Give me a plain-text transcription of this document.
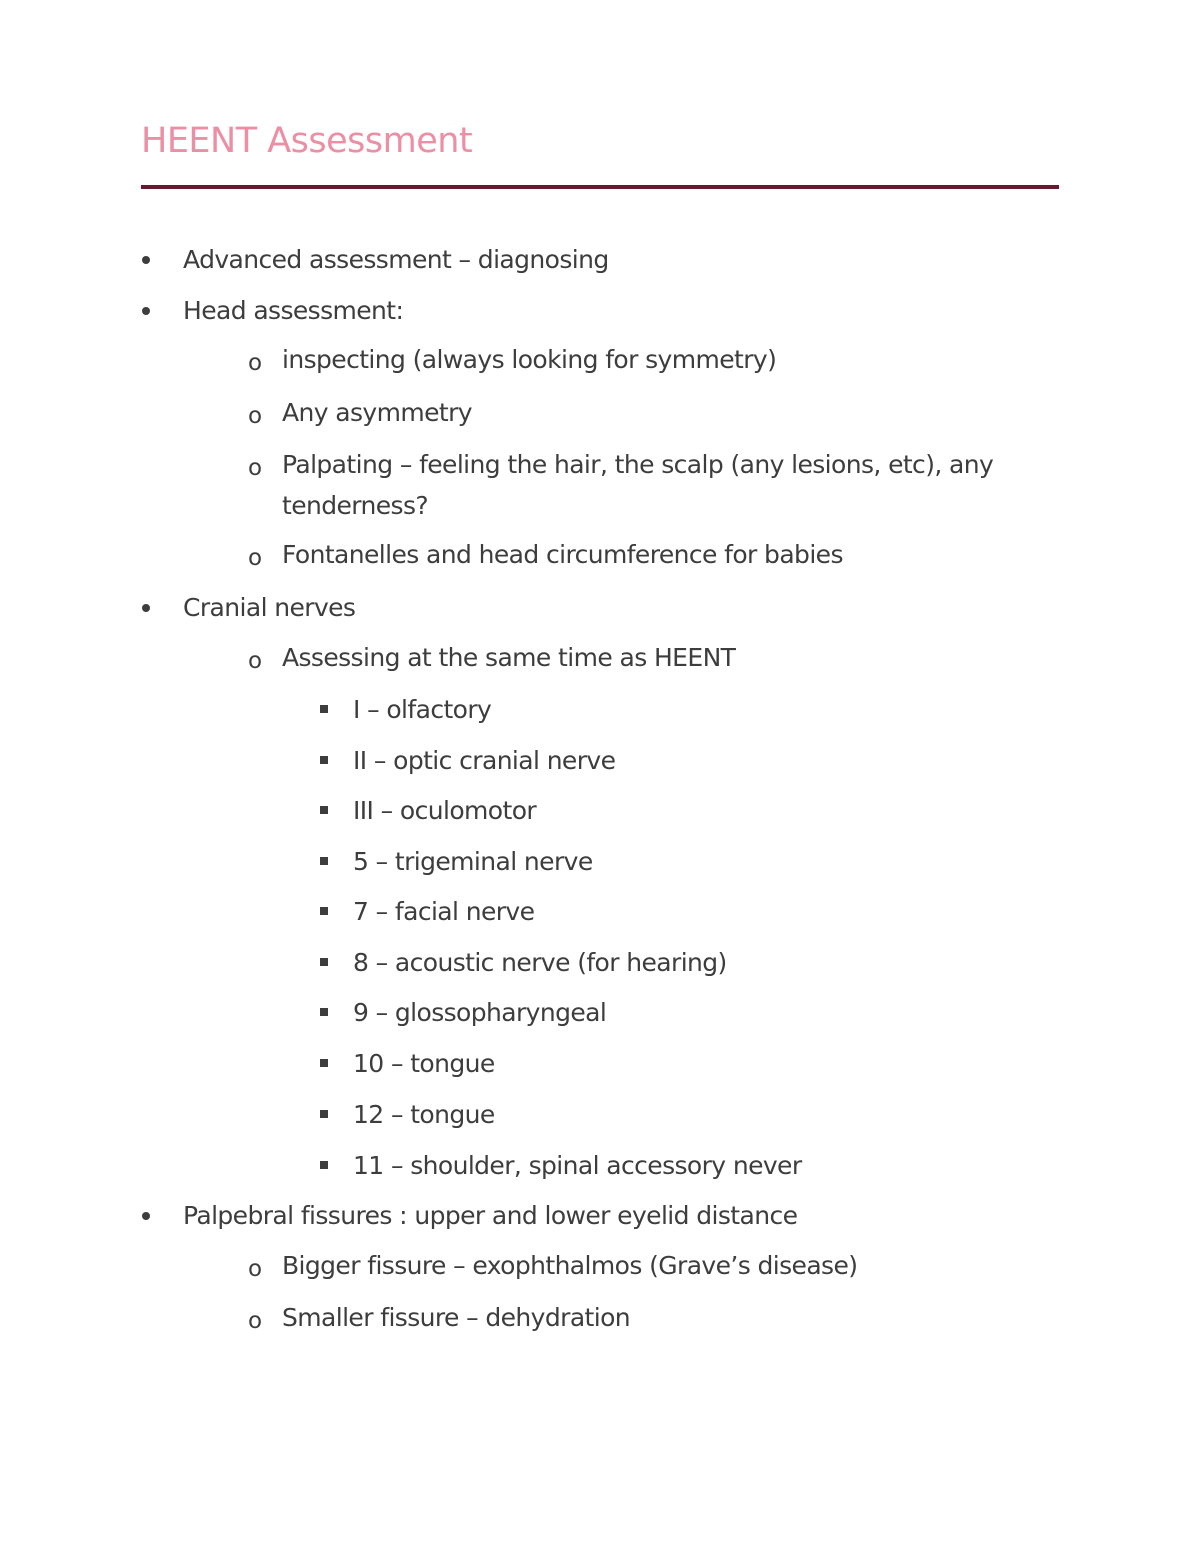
HEENT Assessment
Advanced assessment – diagnosing
Head assessment:
o inspecting (always looking for symmetry)
o Any asymmetry
o Palpating – feeling the hair, the scalp (any lesions, etc), any
tenderness?
o Fontanelles and head circumference for babies
Cranial nerves
o Assessing at the same time as HEENT
I – olfactory
II – optic cranial nerve
III – oculomotor
5 – trigeminal nerve
7 – facial nerve
8 – acoustic nerve (for hearing)
9 – glossopharyngeal
10 – tongue
12 – tongue
11 – shoulder, spinal accessory never
Palpebral fissures : upper and lower eyelid distance
o Bigger fissure – exophthalmos (Grave’s disease)
o Smaller fissure – dehydration
